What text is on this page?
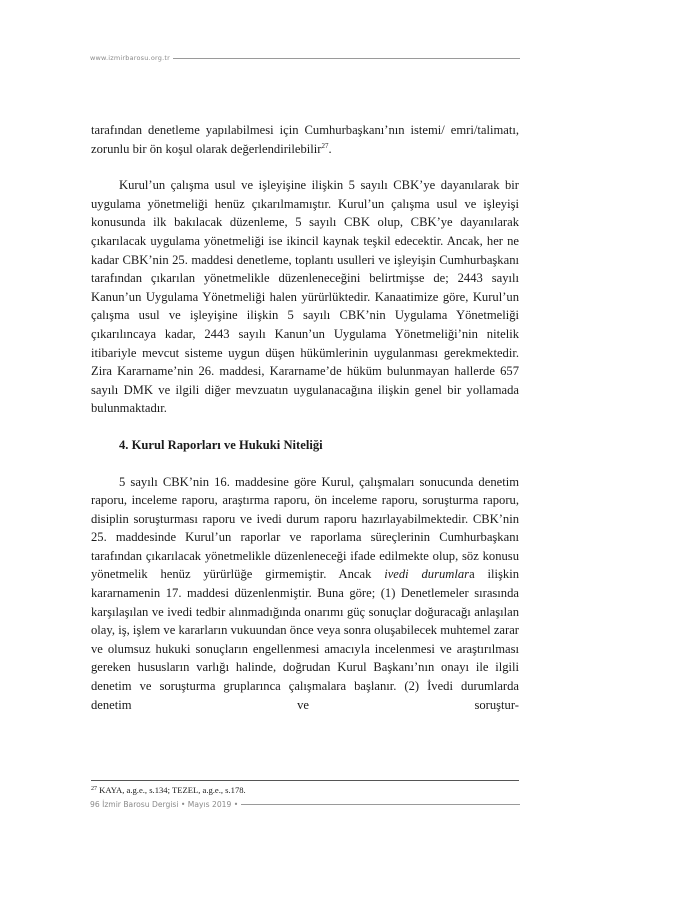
www.izmirbarosu.org.tr

tarafından denetleme yapılabilmesi için Cumhurbaşkanı’nın istemi/ emri/talimatı, zorunlu bir ön koşul olarak değerlendirilebilir$^{27}$.

Kurul’un çalışma usul ve işleyişine ilişkin 5 sayılı CBK’ye dayanılarak bir uygulama yönetmeliği henüz çıkarılmamıştır. Kurul’un çalışma usul ve işleyişi konusunda ilk bakılacak düzenleme, 5 sayılı CBK olup, CBK’ye dayanılarak çıkarılacak uygulama yönetmeliği ise ikincil kaynak teşkil edecektir. Ancak, her ne kadar CBK’nin 25. maddesi denetleme, toplantı usulleri ve işleyişin Cumhurbaşkanı tarafından çıkarılan yönetmelikle düzenleneceğini belirtmişse de; 2443 sayılı Kanun’un Uygulama Yönetmeliği halen yürürlüktedir. Kanaatimize göre, Kurul’un çalışma usul ve işleyişine ilişkin 5 sayılı CBK’nin Uygulama Yönetmeliği çıkarılıncaya kadar, 2443 sayılı Kanun’un Uygulama Yönetmeliği’nin nitelik itibariyle mevcut sisteme uygun düşen hükümlerinin uygulanması gerekmektedir. Zira Kararname’nin 26. maddesi, Kararname’de hüküm bulunmayan hallerde 657 sayılı DMK ve ilgili diğer mevzuatın uygulanacağına ilişkin genel bir yollamada bulunmaktadır.

4. Kurul Raporları ve Hukuki Niteliği

5 sayılı CBK’nin 16. maddesine göre Kurul, çalışmaları sonucunda denetim raporu, inceleme raporu, araştırma raporu, ön inceleme raporu, soruşturma raporu, disiplin soruşturması raporu ve ivedi durum raporu hazırlayabilmektedir. CBK’nin 25. maddesinde Kurul’un raporlar ve raporlama süreçlerinin Cumhurbaşkanı tarafından çıkarılacak yönetmelikle düzenleneceği ifade edilmekte olup, söz konusu yönetmelik henüz yürürlüğe girmemiştir. Ancak ivedi durumlara ilişkin kararnamenin 17. maddesi düzenlenmiştir. Buna göre; (1) Denetlemeler sırasında karşılaşılan ve ivedi tedbir alınmadığında onarımı güç sonuçlar doğuracağı anlaşılan olay, iş, işlem ve kararların vukuundan önce veya sonra oluşabilecek muhtemel zarar ve olumsuz hukuki sonuçların engellenmesi amacıyla incelenmesi ve araştırılması gereken hususların varlığı halinde, doğrudan Kurul Başkanı’nın onayı ile ilgili denetim ve soruşturma gruplarınca çalışmalara başlanır. (2) İvedi durumlarda denetim ve soruştur-

$^{27}$ KAYA, a.g.e., s.134; TEZEL, a.g.e., s.178.
96 İzmir Barosu Dergisi • Mayıs 2019 •
